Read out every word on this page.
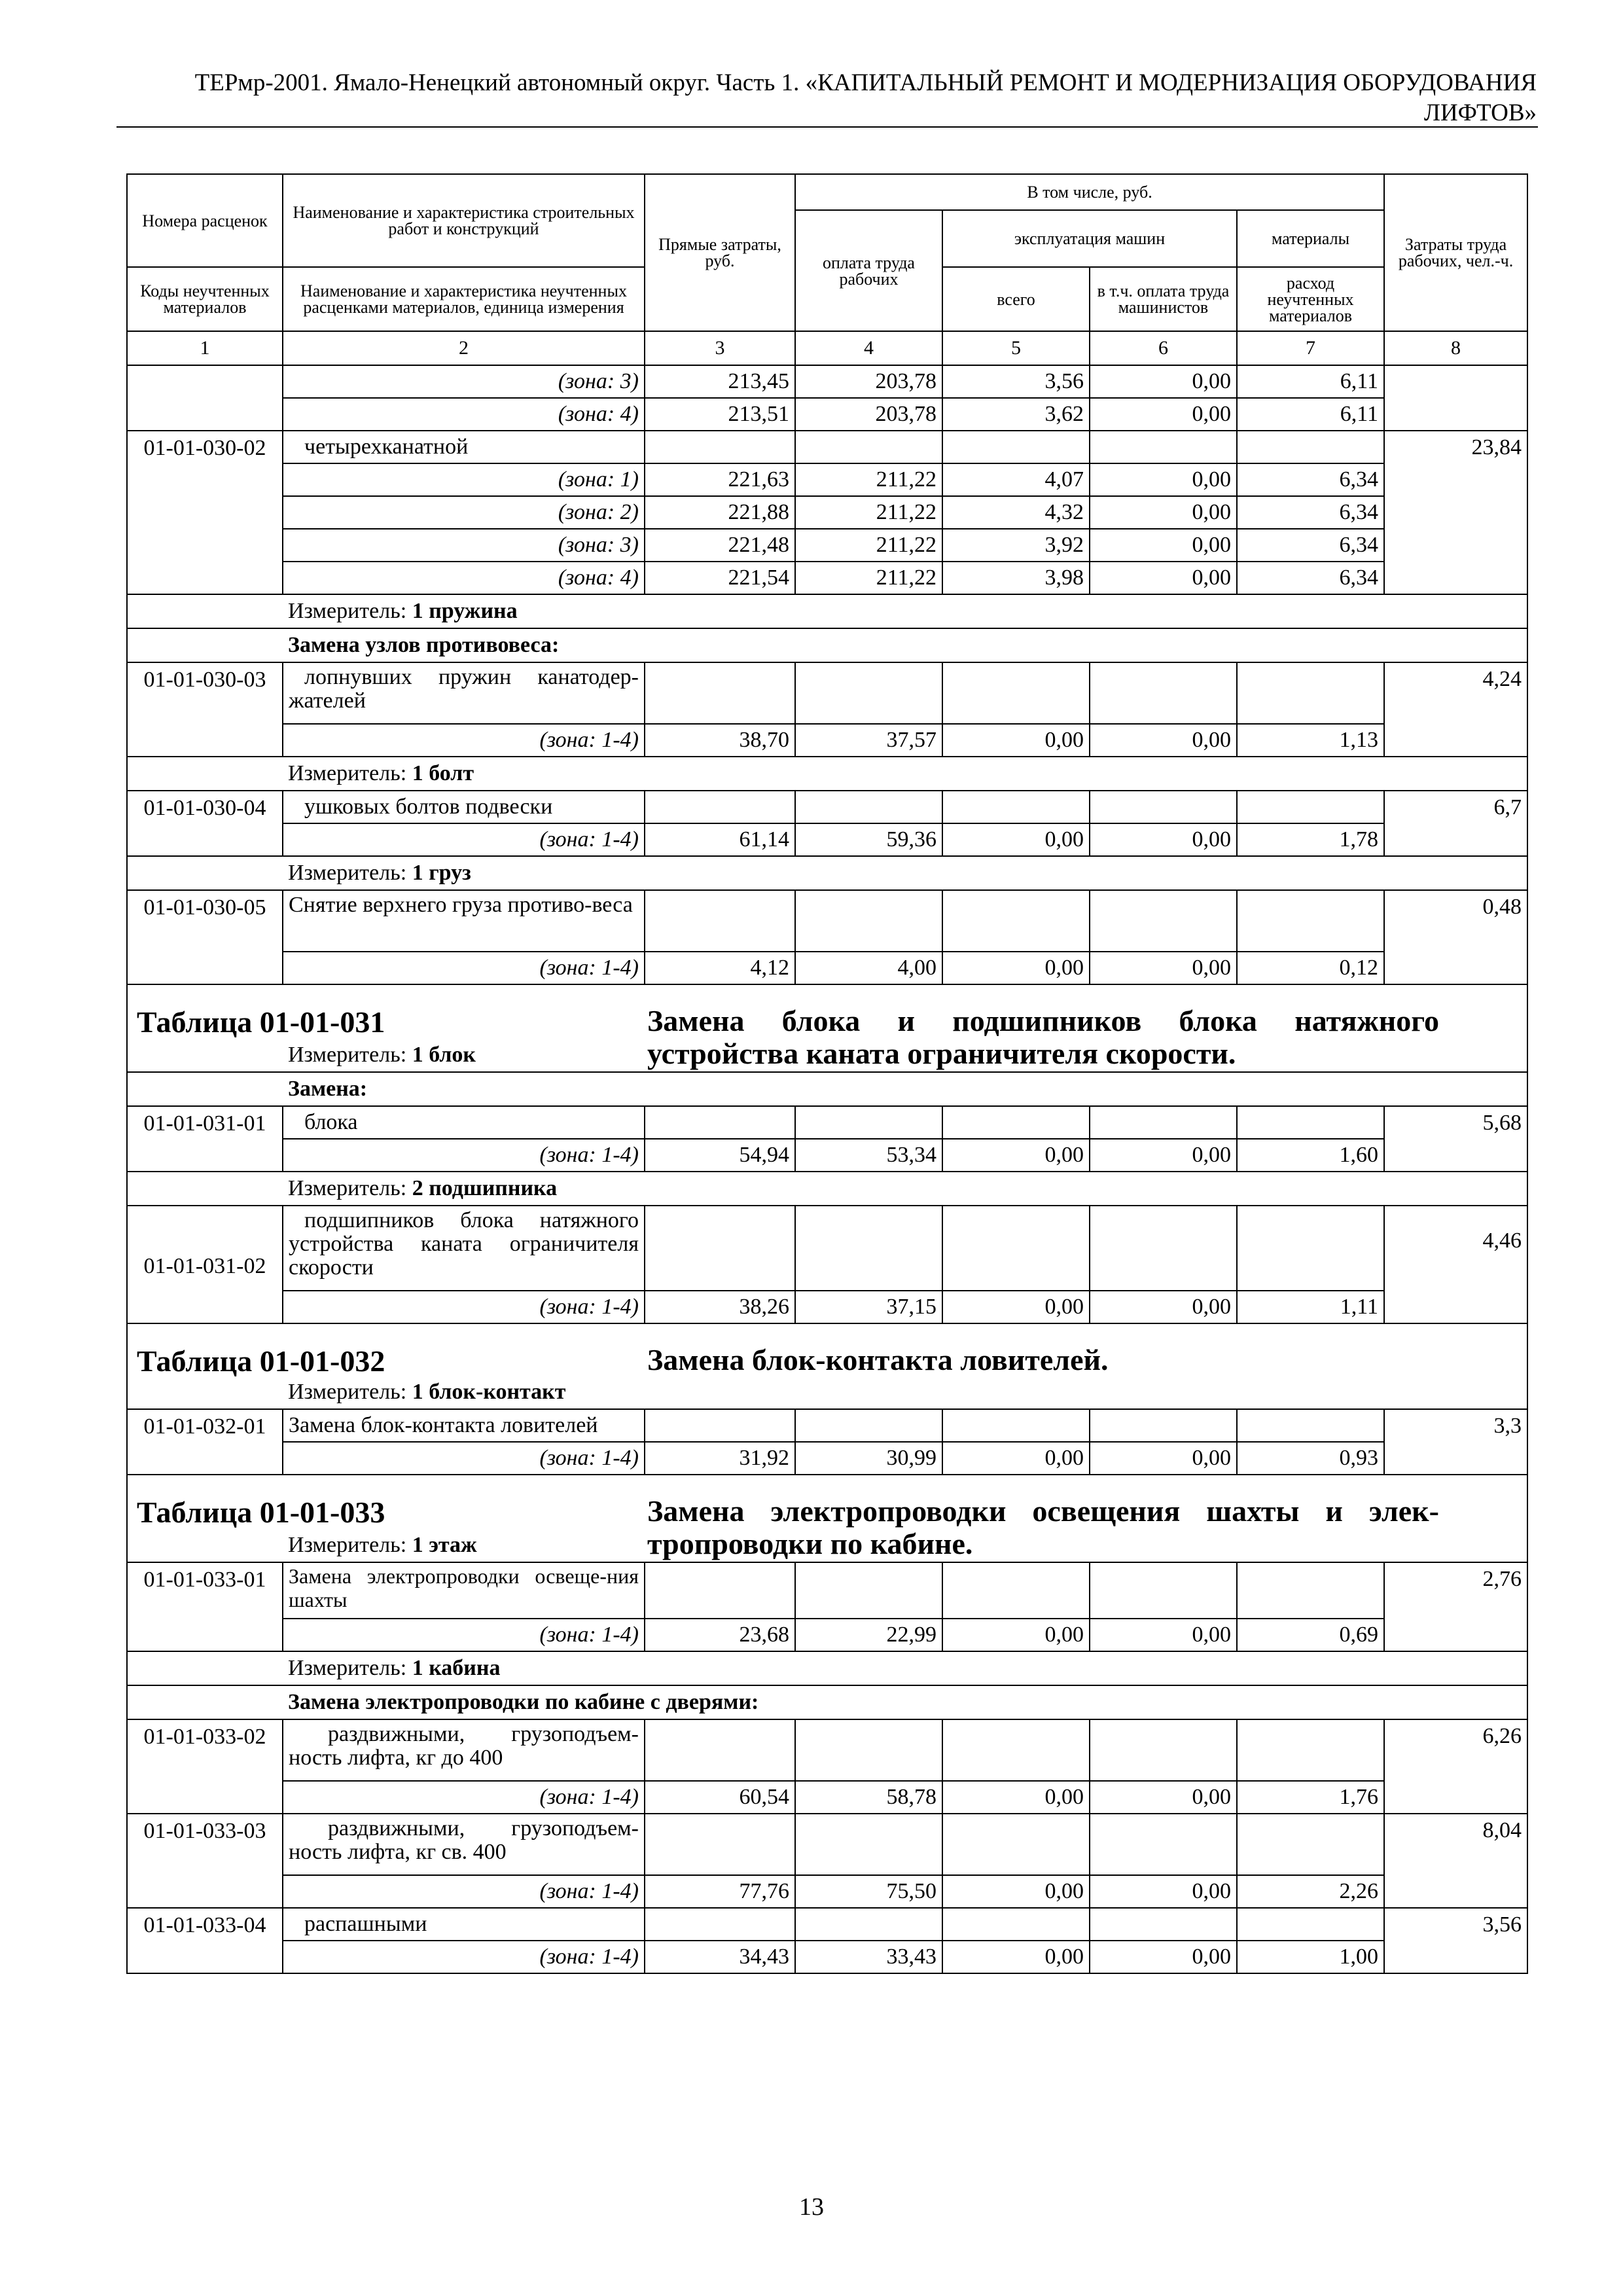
ТЕРмр-2001. Ямало-Ненецкий автономный округ. Часть 1. «КАПИТАЛЬНЫЙ РЕМОНТ И МОДЕРНИЗАЦИЯ ОБОРУДОВАНИЯ ЛИФТОВ»
Номера расценок	Наименование и характеристика строительных работ и конструкций	Прямые затраты, руб.	В том числе, руб.				Затраты труда рабочих, чел.-ч.
			оплата труда рабочих	эксплуатация машин		материалы	
Коды неучтенных материалов	Наименование и характеристика неучтенных расценками материалов, единица измерения			всего	в т.ч. оплата труда машинистов	расход неучтенных материалов	
1	2	3	4	5	6	7	8
	(зона: 3)	213,45	203,78	3,56	0,00	6,11	
	(зона: 4)	213,51	203,78	3,62	0,00	6,11	
01-01-030-02	четырехканатной						23,84
	(зона: 1)	221,63	211,22	4,07	0,00	6,34	
	(зона: 2)	221,88	211,22	4,32	0,00	6,34	
	(зона: 3)	221,48	211,22	3,92	0,00	6,34	
	(зона: 4)	221,54	211,22	3,98	0,00	6,34	
Измеритель: 1 пружина							
Замена узлов противовеса:							
01-01-030-03	лопнувших пружин канатодер-жателей						4,24
	(зона: 1-4)	38,70	37,57	0,00	0,00	1,13	
Измеритель: 1 болт							
01-01-030-04	ушковых болтов подвески						6,7
	(зона: 1-4)	61,14	59,36	0,00	0,00	1,78	
Измеритель: 1 груз							
01-01-030-05	Снятие верхнего груза противо-веса						0,48
	(зона: 1-4)	4,12	4,00	0,00	0,00	0,12	

Таблица 01-01-031 Замена блока и подшипников блока натяжного устройства каната ограничителя скорости.
Измеритель: 1 блок							

Замена:							
01-01-031-01	блока						5,68
	(зона: 1-4)	54,94	53,34	0,00	0,00	1,60	
Измеритель: 2 подшипника							
01-01-031-02	подшипников блока натяжного устройства каната ограничителя скорости						4,46
	(зона: 1-4)	38,26	37,15	0,00	0,00	1,11	

Таблица 01-01-032 Замена блок-контакта ловителей.
Измеритель: 1 блок-контакт							

01-01-032-01	Замена блок-контакта ловителей						3,3
	(зона: 1-4)	31,92	30,99	0,00	0,00	0,93	

Таблица 01-01-033 Замена электропроводки освещения шахты и элек-тропроводки по кабине.
Измеритель: 1 этаж							

01-01-033-01	Замена электропроводки освеще-ния шахты						2,76
	(зона: 1-4)	23,68	22,99	0,00	0,00	0,69	
Измеритель: 1 кабина							
Замена электропроводки по кабине с дверями:							
01-01-033-02	раздвижными, грузоподъем-ность лифта, кг до 400						6,26
	(зона: 1-4)	60,54	58,78	0,00	0,00	1,76	
01-01-033-03	раздвижными, грузоподъем-ность лифта, кг св. 400						8,04
	(зона: 1-4)	77,76	75,50	0,00	0,00	2,26	
01-01-033-04	распашными						3,56
	(зона: 1-4)	34,43	33,43	0,00	0,00	1,00	
13
